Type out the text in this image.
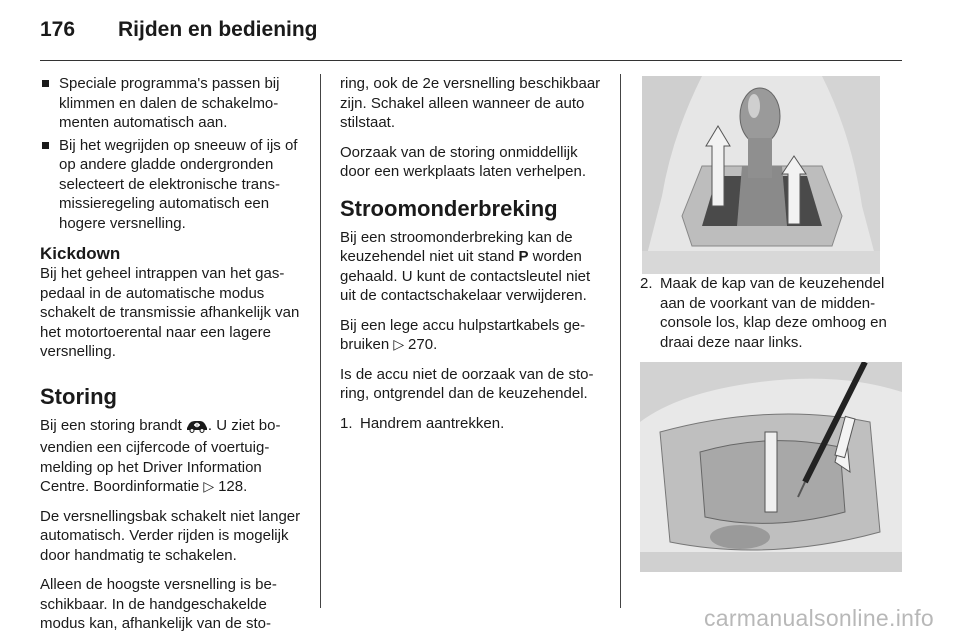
176 Rijden en bediening
Speciale programma's passen bij klimmen en dalen de schakelmomenten automatisch aan.
Bij het wegrijden op sneeuw of ijs of op andere gladde ondergronden selecteert de elektronische transmissieregeling automatisch een hogere versnelling.
Kickdown

Bij het geheel intrappen van het gaspedaal in de automatische modus schakelt de transmissie afhankelijk van het motortoerental naar een lagere versnelling.

Storing

Bij een storing brandt . U ziet bovendien een cijfercode of voertuigmelding op het Driver Information Centre. Boordinformatie ▷ 128.

De versnellingsbak schakelt niet langer automatisch. Verder rijden is mogelijk door handmatig te schakelen.

Alleen de hoogste versnelling is beschikbaar. In de handgeschakelde modus kan, afhankelijk van de sto-

ring, ook de 2e versnelling beschikbaar zijn. Schakel alleen wanneer de auto stilstaat.

Oorzaak van de storing onmiddellijk door een werkplaats laten verhelpen.

Stroomonderbreking

Bij een stroomonderbreking kan de keuzehendel niet uit stand P worden gehaald. U kunt de contactsleutel niet uit de contactschakelaar verwijderen.

Bij een lege accu hulpstartkabels gebruiken ▷ 270.

Is de accu niet de oorzaak van de storing, ontgrendel dan de keuzehendel.

1. Handrem aantrekken.
2. Maak de kap van de keuzehendel aan de voorkant van de middenconsole los, klap deze omhoog en draai deze naar links.
carmanualsonline.info
